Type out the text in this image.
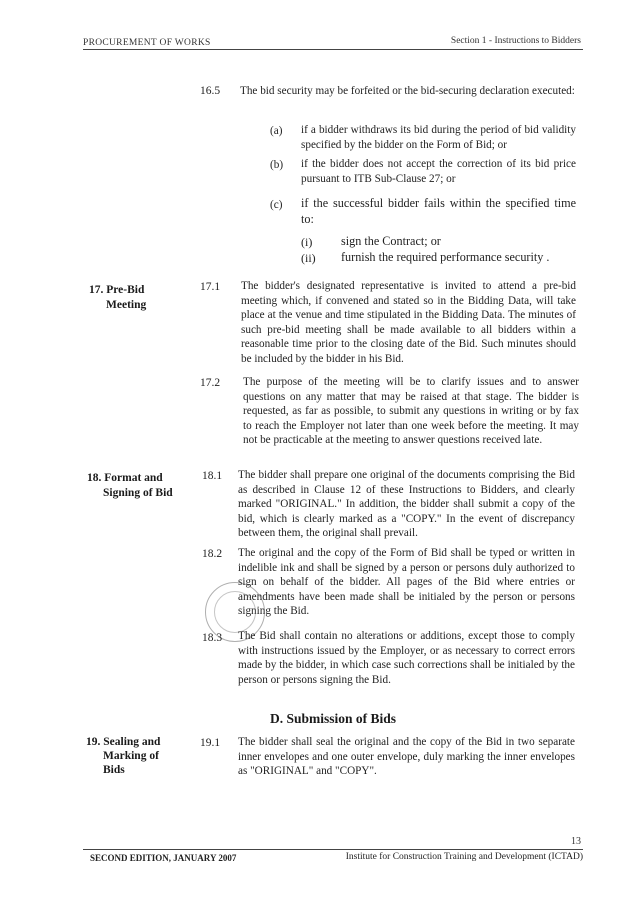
PROCUREMENT OF WORKS	Section 1 - Instructions to Bidders
16.5 The bid security may be forfeited or the bid-securing declaration executed:
(a) if a bidder withdraws its bid during the period of bid validity specified by the bidder on the Form of Bid; or
(b) if the bidder does not accept the correction of its bid price pursuant to ITB Sub-Clause 27; or
(c) if the successful bidder fails within the specified time to:
(i) sign the Contract; or
(ii) furnish the required performance security .
17. Pre-Bid
Meeting
17.1 The bidder's designated representative is invited to attend a pre-bid meeting which, if convened and stated so in the Bidding Data, will take place at the venue and time stipulated in the Bidding Data. The minutes of such pre-bid meeting shall be made available to all bidders within a reasonable time prior to the closing date of the Bid. Such minutes should be included by the bidder in his Bid.
17.2 The purpose of the meeting will be to clarify issues and to answer questions on any matter that may be raised at that stage. The bidder is requested, as far as possible, to submit any questions in writing or by fax to reach the Employer not later than one week before the meeting. It may not be practicable at the meeting to answer questions received late.
18. Format and
Signing of Bid
18.1 The bidder shall prepare one original of the documents comprising the Bid as described in Clause 12 of these Instructions to Bidders, and clearly marked "ORIGINAL." In addition, the bidder shall submit a copy of the bid, which is clearly marked as a "COPY." In the event of discrepancy between them, the original shall prevail.
18.2 The original and the copy of the Form of Bid shall be typed or written in indelible ink and shall be signed by a person or persons duly authorized to sign on behalf of the bidder. All pages of the Bid where entries or amendments have been made shall be initialed by the person or persons signing the Bid.
18.3 The Bid shall contain no alterations or additions, except those to comply with instructions issued by the Employer, or as necessary to correct errors made by the bidder, in which case such corrections shall be initialed by the person or persons signing the Bid.
D. Submission of Bids
19. Sealing and
Marking of
Bids
19.1 The bidder shall seal the original and the copy of the Bid in two separate inner envelopes and one outer envelope, duly marking the inner envelopes as "ORIGINAL" and "COPY".
13
SECOND EDITION, JANUARY 2007	Institute for Construction Training and Development (ICTAD)
